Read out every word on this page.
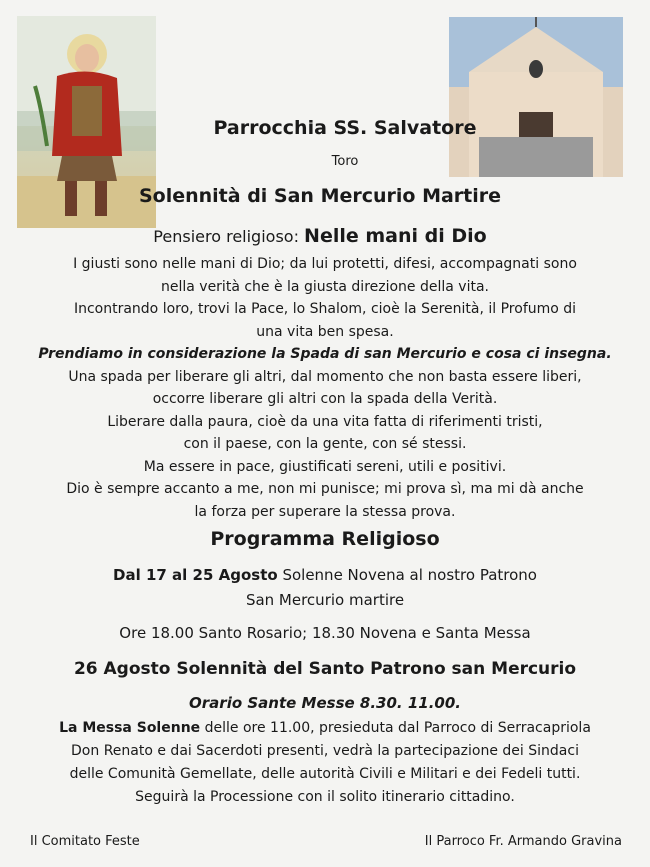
Parrocchia SS. Salvatore
Toro
Solennità di San Mercurio Martire
Pensiero religioso: Nelle mani di Dio
I giusti sono nelle mani di Dio; da lui protetti, difesi, accompagnati sono
nella verità che è la giusta direzione della vita.
Incontrando loro, trovi la Pace, lo Shalom, cioè la Serenità, il Profumo di
una vita ben spesa.
Prendiamo in considerazione la Spada di san Mercurio e cosa ci insegna.
Una spada per liberare gli altri, dal momento che non basta essere liberi,
occorre liberare gli altri con la spada della Verità.
Liberare dalla paura, cioè da una vita fatta di riferimenti tristi,
con il paese, con la gente, con sé stessi.
Ma essere in pace, giustificati sereni, utili e positivi.
Dio è sempre accanto a me, non mi punisce; mi prova sì, ma mi dà anche
la forza per superare la stessa prova.
Programma Religioso
Dal 17 al 25 Agosto Solenne Novena al nostro Patrono
San Mercurio martire
Ore 18.00 Santo Rosario; 18.30 Novena e Santa Messa
26 Agosto Solennità del Santo Patrono san Mercurio
Orario Sante Messe 8.30. 11.00.
La Messa Solenne delle ore 11.00, presieduta dal Parroco di Serracapriola
Don Renato e dai Sacerdoti presenti, vedrà la partecipazione dei Sindaci
delle Comunità Gemellate, delle autorità Civili e Militari e dei Fedeli tutti.
Seguirà la Processione con il solito itinerario cittadino.
Il Comitato Feste	Il Parroco Fr. Armando Gravina
